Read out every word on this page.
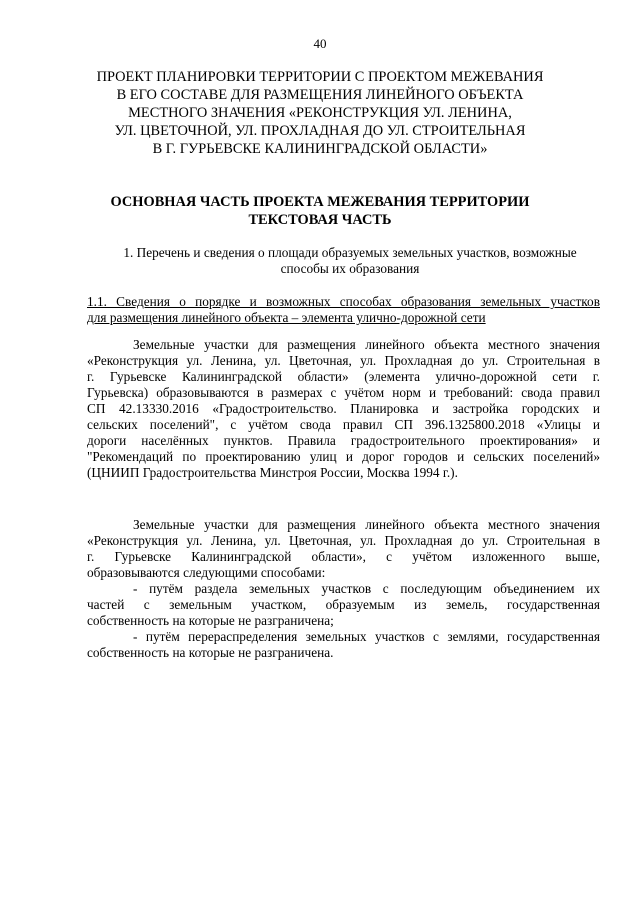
40
ПРОЕКТ ПЛАНИРОВКИ ТЕРРИТОРИИ С ПРОЕКТОМ МЕЖЕВАНИЯ
В ЕГО СОСТАВЕ ДЛЯ РАЗМЕЩЕНИЯ ЛИНЕЙНОГО ОБЪЕКТА
МЕСТНОГО ЗНАЧЕНИЯ «РЕКОНСТРУКЦИЯ УЛ. ЛЕНИНА,
УЛ. ЦВЕТОЧНОЙ, УЛ. ПРОХЛАДНАЯ ДО УЛ. СТРОИТЕЛЬНАЯ
В Г. ГУРЬЕВСКЕ КАЛИНИНГРАДСКОЙ ОБЛАСТИ»
ОСНОВНАЯ ЧАСТЬ ПРОЕКТА МЕЖЕВАНИЯ ТЕРРИТОРИИ
ТЕКСТОВАЯ ЧАСТЬ
1. Перечень и сведения о площади образуемых земельных участков, возможные
способы их образования
1.1. Сведения о порядке и возможных способах образования земельных участков
для размещения линейного объекта – элемента улично-дорожной сети
Земельные участки для размещения линейного объекта местного значения
«Реконструкция ул. Ленина, ул. Цветочная, ул. Прохладная до ул. Строительная в
г. Гурьевске Калининградской области» (элемента улично-дорожной сети г.
Гурьевска) образовываются в размерах с учётом норм и требований: свода правил
СП 42.13330.2016 «Градостроительство. Планировка и застройка городских и
сельских поселений", с учётом свода правил СП 396.1325800.2018 «Улицы и
дороги населённых пунктов. Правила градостроительного проектирования» и
"Рекомендаций по проектированию улиц и дорог городов и сельских поселений»
(ЦНИИП Градостроительства Минстроя России, Москва 1994 г.).
Земельные участки для размещения линейного объекта местного значения
«Реконструкция ул. Ленина, ул. Цветочная, ул. Прохладная до ул. Строительная в
г. Гурьевске Калининградской области», с учётом изложенного выше,
образовываются следующими способами:
- путём раздела земельных участков с последующим объединением их
частей с земельным участком, образуемым из земель, государственная
собственность на которые не разграничена;
- путём перераспределения земельных участков с землями, государственная
собственность на которые не разграничена.
